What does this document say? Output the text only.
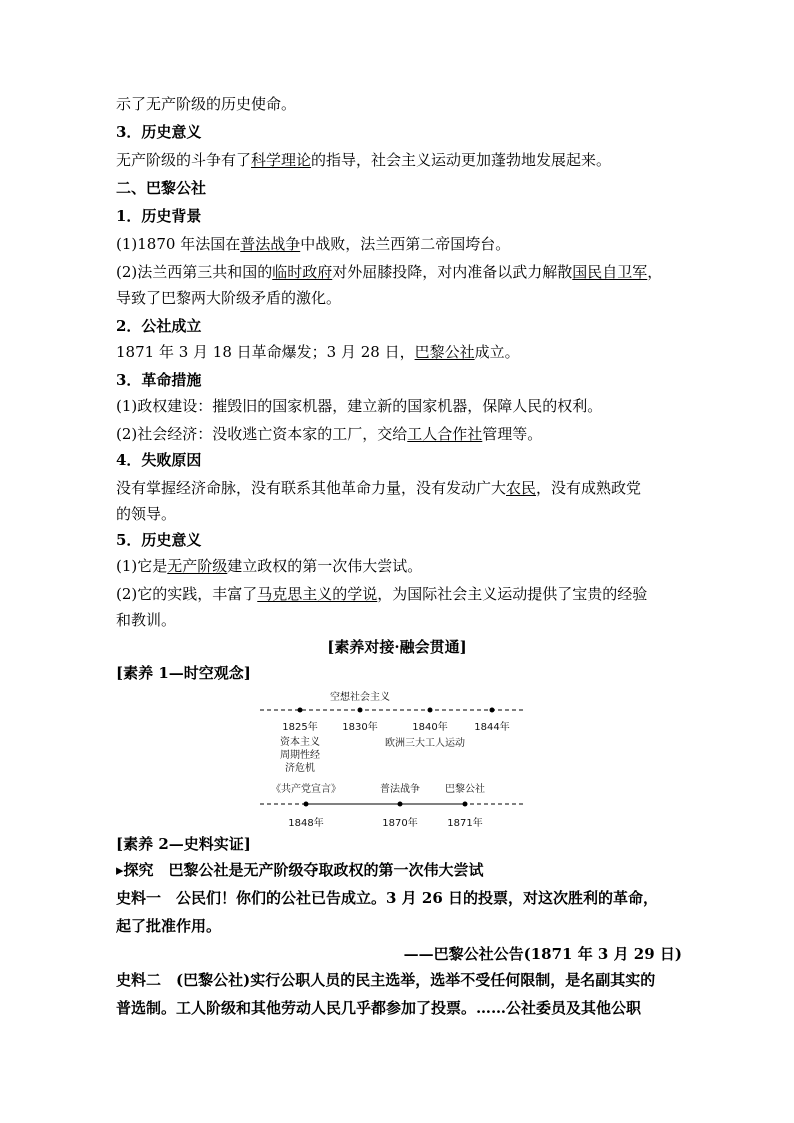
示了无产阶级的历史使命。
3．历史意义
无产阶级的斗争有了科学理论的指导，社会主义运动更加蓬勃地发展起来。
二、巴黎公社
1．历史背景
(1)1870 年法国在普法战争中战败，法兰西第二帝国垮台。
(2)法兰西第三共和国的临时政府对外屈膝投降，对内准备以武力解散国民自卫军，
导致了巴黎两大阶级矛盾的激化。
2．公社成立
1871 年 3 月 18 日革命爆发；3 月 28 日，巴黎公社成立。
3．革命措施
(1)政权建设：摧毁旧的国家机器，建立新的国家机器，保障人民的权利。
(2)社会经济：没收逃亡资本家的工厂，交给工人合作社管理等。
4．失败原因
没有掌握经济命脉，没有联系其他革命力量，没有发动广大农民，没有成熟政党
的领导。
5．历史意义
(1)它是无产阶级建立政权的第一次伟大尝试。
(2)它的实践，丰富了马克思主义的学说，为国际社会主义运动提供了宝贵的经验
和教训。
[素养对接·融会贯通]
[素养 1—时空观念]
空想社会主义
1825年 1830年	1840年	1844年
资本主义
周期性经
济危机
欧洲三大工人运动
《共产党宣言》	普法战争	巴黎公社
1848年	1870年	1871年
[素养 2—史料实证]
▸探究　巴黎公社是无产阶级夺取政权的第一次伟大尝试
史料一　公民们！你们的公社已告成立。3 月 26 日的投票，对这次胜利的革命，
起了批准作用。
——巴黎公社公告(1871 年 3 月 29 日)
史料二　(巴黎公社)实行公职人员的民主选举，选举不受任何限制，是名副其实的
普选制。工人阶级和其他劳动人民几乎都参加了投票。……公社委员及其他公职
